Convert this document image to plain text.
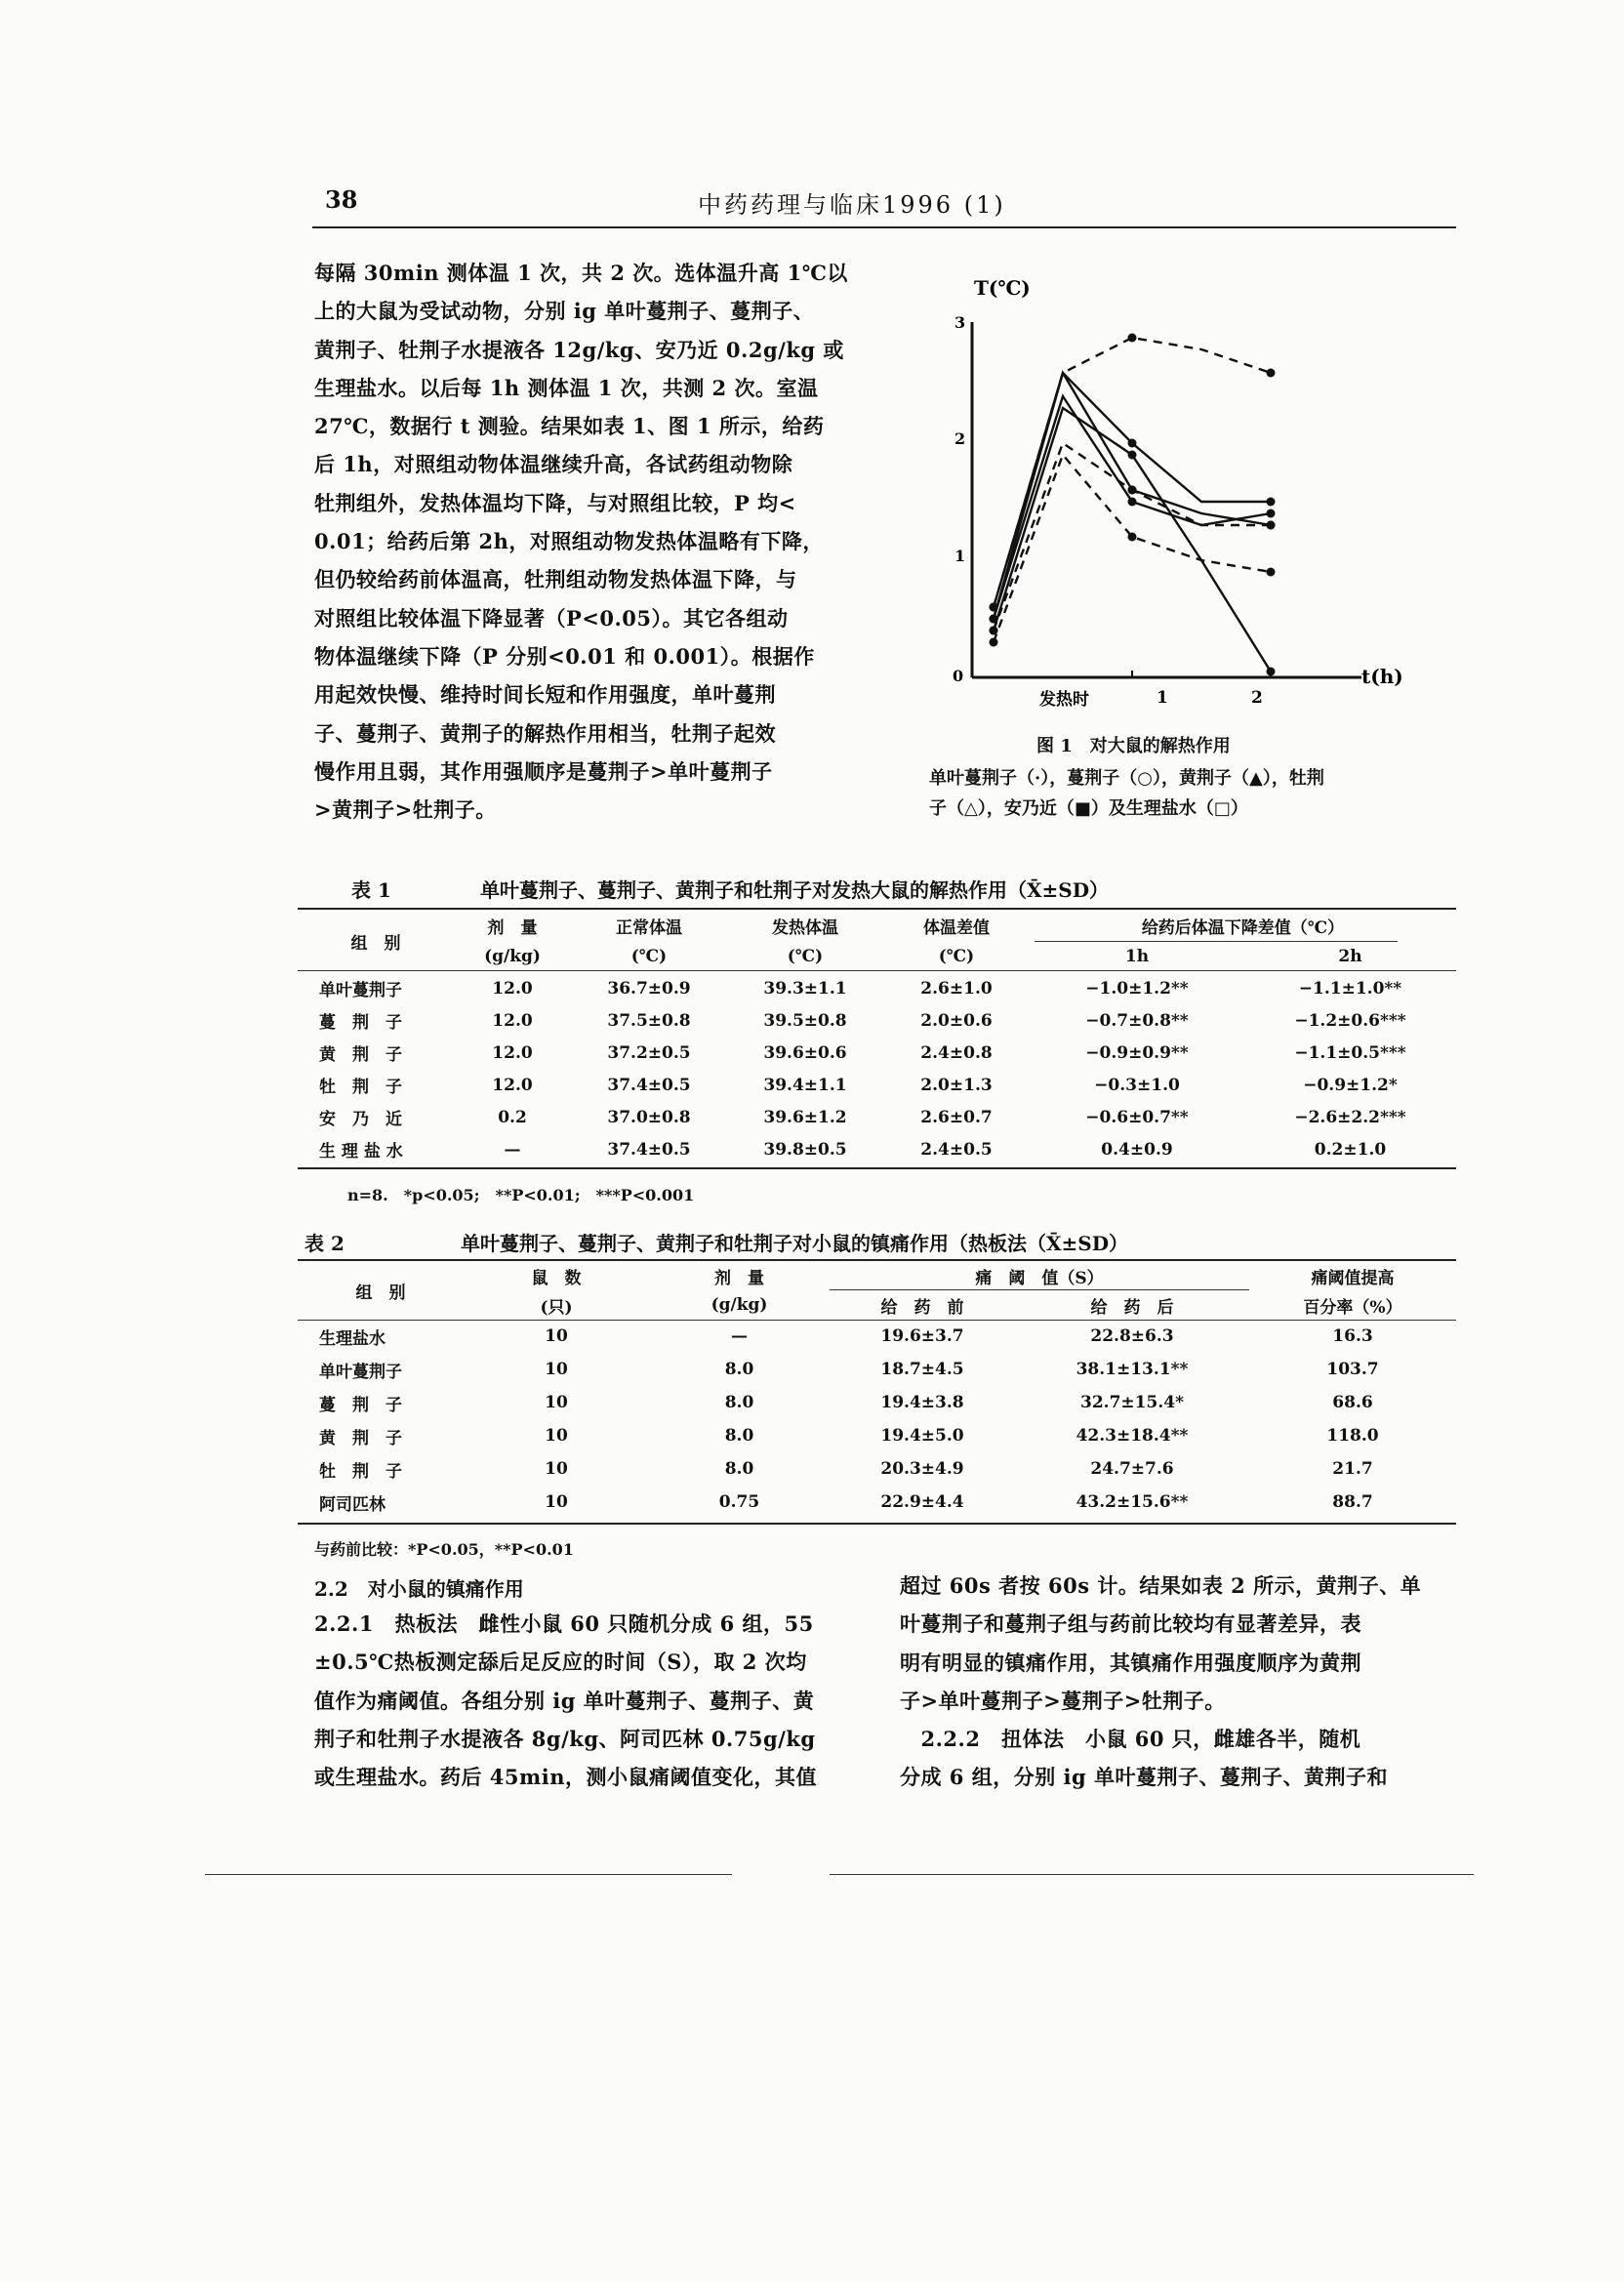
38	中药药理与临床1996 (1)
每隔 30min 测体温 1 次，共 2 次。选体温升高 1℃以
上的大鼠为受试动物，分别 ig 单叶蔓荆子、蔓荆子、
黄荆子、牡荆子水提液各 12g/kg、安乃近 0.2g/kg 或
生理盐水。以后每 1h 测体温 1 次，共测 2 次。室温
27℃，数据行 t 测验。结果如表 1、图 1 所示，给药
后 1h，对照组动物体温继续升高，各试药组动物除
牡荆组外，发热体温均下降，与对照组比较，P 均<
0.01；给药后第 2h，对照组动物发热体温略有下降，
但仍较给药前体温高，牡荆组动物发热体温下降，与
对照组比较体温下降显著（P<0.05）。其它各组动
物体温继续下降（P 分别<0.01 和 0.001）。根据作
用起效快慢、维持时间长短和作用强度，单叶蔓荆
子、蔓荆子、黄荆子的解热作用相当，牡荆子起效
慢作用且弱，其作用强顺序是蔓荆子>单叶蔓荆子
>黄荆子>牡荆子。
T(℃)
3
2
1
0
发热时	1	2
t(h)
图 1　对大鼠的解热作用
单叶蔓荆子（·），蔓荆子（○），黄荆子（▲），牡荆
子（△），安乃近（■）及生理盐水（□）
表 1	单叶蔓荆子、蔓荆子、黄荆子和牡荆子对发热大鼠的解热作用（X̄±SD）
组　别	剂　量	正常体温	发热体温	体温差值	给药后体温下降差值（℃）	
	(g/kg)	(℃)	(℃)	(℃)	1h	2h
单叶蔓荆子	12.0	36.7±0.9	39.3±1.1	2.6±1.0	−1.0±1.2**	−1.1±1.0**
蔓　荆　子	12.0	37.5±0.8	39.5±0.8	2.0±0.6	−0.7±0.8**	−1.2±0.6***
黄　荆　子	12.0	37.2±0.5	39.6±0.6	2.4±0.8	−0.9±0.9**	−1.1±0.5***
牡　荆　子	12.0	37.4±0.5	39.4±1.1	2.0±1.3	−0.3±1.0	−0.9±1.2*
安　乃　近	0.2	37.0±0.8	39.6±1.2	2.6±0.7	−0.6±0.7**	−2.6±2.2***
生 理 盐 水	—	37.4±0.5	39.8±0.5	2.4±0.5	0.4±0.9	0.2±1.0
n=8.　*p<0.05;　**P<0.01;　***P<0.001
表 2	单叶蔓荆子、蔓荆子、黄荆子和牡荆子对小鼠的镇痛作用（热板法（X̄±SD）
组　别	鼠　数	剂　量	痛　阈　值（S）		痛阈值提高
	(只)	(g/kg)	给　药　前	给　药　后	百分率（%）
生理盐水	10	—	19.6±3.7	22.8±6.3	16.3
单叶蔓荆子	10	8.0	18.7±4.5	38.1±13.1**	103.7
蔓　荆　子	10	8.0	19.4±3.8	32.7±15.4*	68.6
黄　荆　子	10	8.0	19.4±5.0	42.3±18.4**	118.0
牡　荆　子	10	8.0	20.3±4.9	24.7±7.6	21.7
阿司匹林	10	0.75	22.9±4.4	43.2±15.6**	88.7
与药前比较：*P<0.05，**P<0.01
2.2　对小鼠的镇痛作用
2.2.1　热板法　雌性小鼠 60 只随机分成 6 组，55
±0.5℃热板测定舔后足反应的时间（S），取 2 次均
值作为痛阈值。各组分别 ig 单叶蔓荆子、蔓荆子、黄
荆子和牡荆子水提液各 8g/kg、阿司匹林 0.75g/kg
或生理盐水。药后 45min，测小鼠痛阈值变化，其值
超过 60s 者按 60s 计。结果如表 2 所示，黄荆子、单
叶蔓荆子和蔓荆子组与药前比较均有显著差异，表
明有明显的镇痛作用，其镇痛作用强度顺序为黄荆
子>单叶蔓荆子>蔓荆子>牡荆子。
　2.2.2　扭体法　小鼠 60 只，雌雄各半，随机
分成 6 组，分别 ig 单叶蔓荆子、蔓荆子、黄荆子和
